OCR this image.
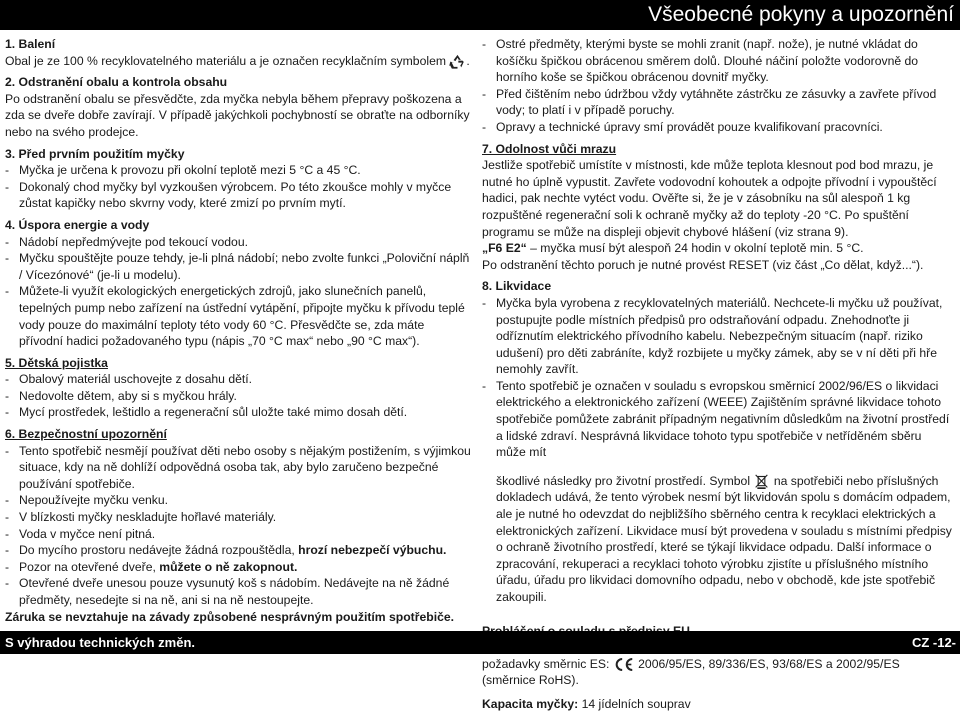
Všeobecné pokyny a upozornění
1. Balení

Obal je ze 100 % recyklovatelného materiálu a je označen recyklačním symbolem .

2. Odstranění obalu a kontrola obsahu

Po odstranění obalu se přesvědčte, zda myčka nebyla během přepravy poškozena a zda se dveře dobře zavírají. V případě jakýchkoli pochybností se obraťte na odborníky nebo na svého prodejce.

3. Před prvním použitím myčky
- Myčka je určena k provozu při okolní teplotě mezi 5 °C a 45 °C.
- Dokonalý chod myčky byl vyzkoušen výrobcem. Po této zkoušce mohly v myčce zůstat kapičky nebo skvrny vody, které zmizí po prvním mytí.
4. Úspora energie a vody
- Nádobí nepředmývejte pod tekoucí vodou.
- Myčku spouštějte pouze tehdy, je-li plná nádobí; nebo zvolte funkci „Poloviční náplň / Vícezónové“ (je-li u modelu).
- Můžete-li využít ekologických energetických zdrojů, jako slunečních panelů, tepelných pump nebo zařízení na ústřední vytápění, připojte myčku k přívodu teplé vody pouze do maximální teploty této vody 60 °C. Přesvědčte se, zda máte přívodní hadici požadovaného typu (nápis „70 °C max“ nebo „90 °C max“).
5. Dětská pojistka
- Obalový materiál uschovejte z dosahu dětí.
- Nedovolte dětem, aby si s myčkou hrály.
- Mycí prostředek, leštidlo a regenerační sůl uložte také mimo dosah dětí.
6. Bezpečnostní upozornění
- Tento spotřebič nesmějí používat děti nebo osoby s nějakým postižením, s výjimkou situace, kdy na ně dohlíží odpovědná osoba tak, aby bylo zaručeno bezpečné používání spotřebiče.
- Nepoužívejte myčku venku.
- V blízkosti myčky neskladujte hořlavé materiály.
- Voda v myčce není pitná.
- Do mycího prostoru nedávejte žádná rozpouštědla, hrozí nebezpečí výbuchu.
- Pozor na otevřené dveře, můžete o ně zakopnout.
- Otevřené dveře unesou pouze vysunutý koš s nádobím. Nedávejte na ně žádné předměty, nesedejte si na ně, ani si na ně nestoupejte.
Záruka se nevztahuje na závady způsobené nesprávným použitím spotřebiče.
- Ostré předměty, kterými byste se mohli zranit (např. nože), je nutné vkládat do košíčku špičkou obrácenou směrem dolů. Dlouhé náčiní položte vodorovně do horního koše se špičkou obrácenou dovnitř myčky.
- Před čištěním nebo údržbou vždy vytáhněte zástrčku ze zásuvky a zavřete přívod vody; to platí i v případě poruchy.
- Opravy a technické úpravy smí provádět pouze kvalifikovaní pracovníci.
7. Odolnost vůči mrazu

Jestliže spotřebič umístíte v místnosti, kde může teplota klesnout pod bod mrazu, je nutné ho úplně vypustit. Zavřete vodovodní kohoutek a odpojte přívodní i vypouštěcí hadici, pak nechte vytéct vodu. Ověřte si, že je v zásobníku na sůl alespoň 1 kg rozpuštěné regenerační soli k ochraně myčky až do teploty -20 °C. Po spuštění programu se může na displeji objevit chybové hlášení (viz strana 9).

„F6 E2“ – myčka musí být alespoň 24 hodin v okolní teplotě min. 5 °C.

Po odstranění těchto poruch je nutné provést RESET (viz část „Co dělat, když...“).

8. Likvidace
- Myčka byla vyrobena z recyklovatelných materiálů. Nechcete-li myčku už používat, postupujte podle místních předpisů pro odstraňování odpadu. Znehodnoťte ji odříznutím elektrického přívodního kabelu. Nebezpečným situacím (např. riziko udušení) pro děti zabráníte, když rozbijete u myčky zámek, aby se v ní děti při hře nemohly zavřít.
- Tento spotřebič je označen v souladu s evropskou směrnicí 2002/96/ES o likvidaci elektrického a elektronického zařízení (WEEE) Zajištěním správné likvidace tohoto spotřebiče pomůžete zabránit případným negativním důsledkům na životní prostředí a lidské zdraví. Nesprávná likvidace tohoto typu spotřebiče v netříděném sběru může mít
škodlivé následky pro životní prostředí. Symbol na spotřebiči nebo příslušných dokladech udává, že tento výrobek nesmí být likvidován spolu s domácím odpadem, ale je nutné ho odevzdat do nejbližšího sběrného centra k recyklaci elektrických a elektronických zařízení. Likvidace musí být provedena v souladu s místními předpisy o ochraně životního prostředí, které se týkají likvidace odpadu. Další informace o zpracování, rekuperaci a recyklaci tohoto výrobku zjistíte u příslušného místního úřadu, úřadu pro likvidaci domovního odpadu, nebo v obchodě, kde jste spotřebič zakoupili.

požadavky směrnic ES: 2006/95/ES, 89/336/ES, 93/68/ES a 2002/95/ES (směrnice RoHS).

Kapacita myčky: 14 jídelních souprav

S výhradou technických změn.	CZ -12-
